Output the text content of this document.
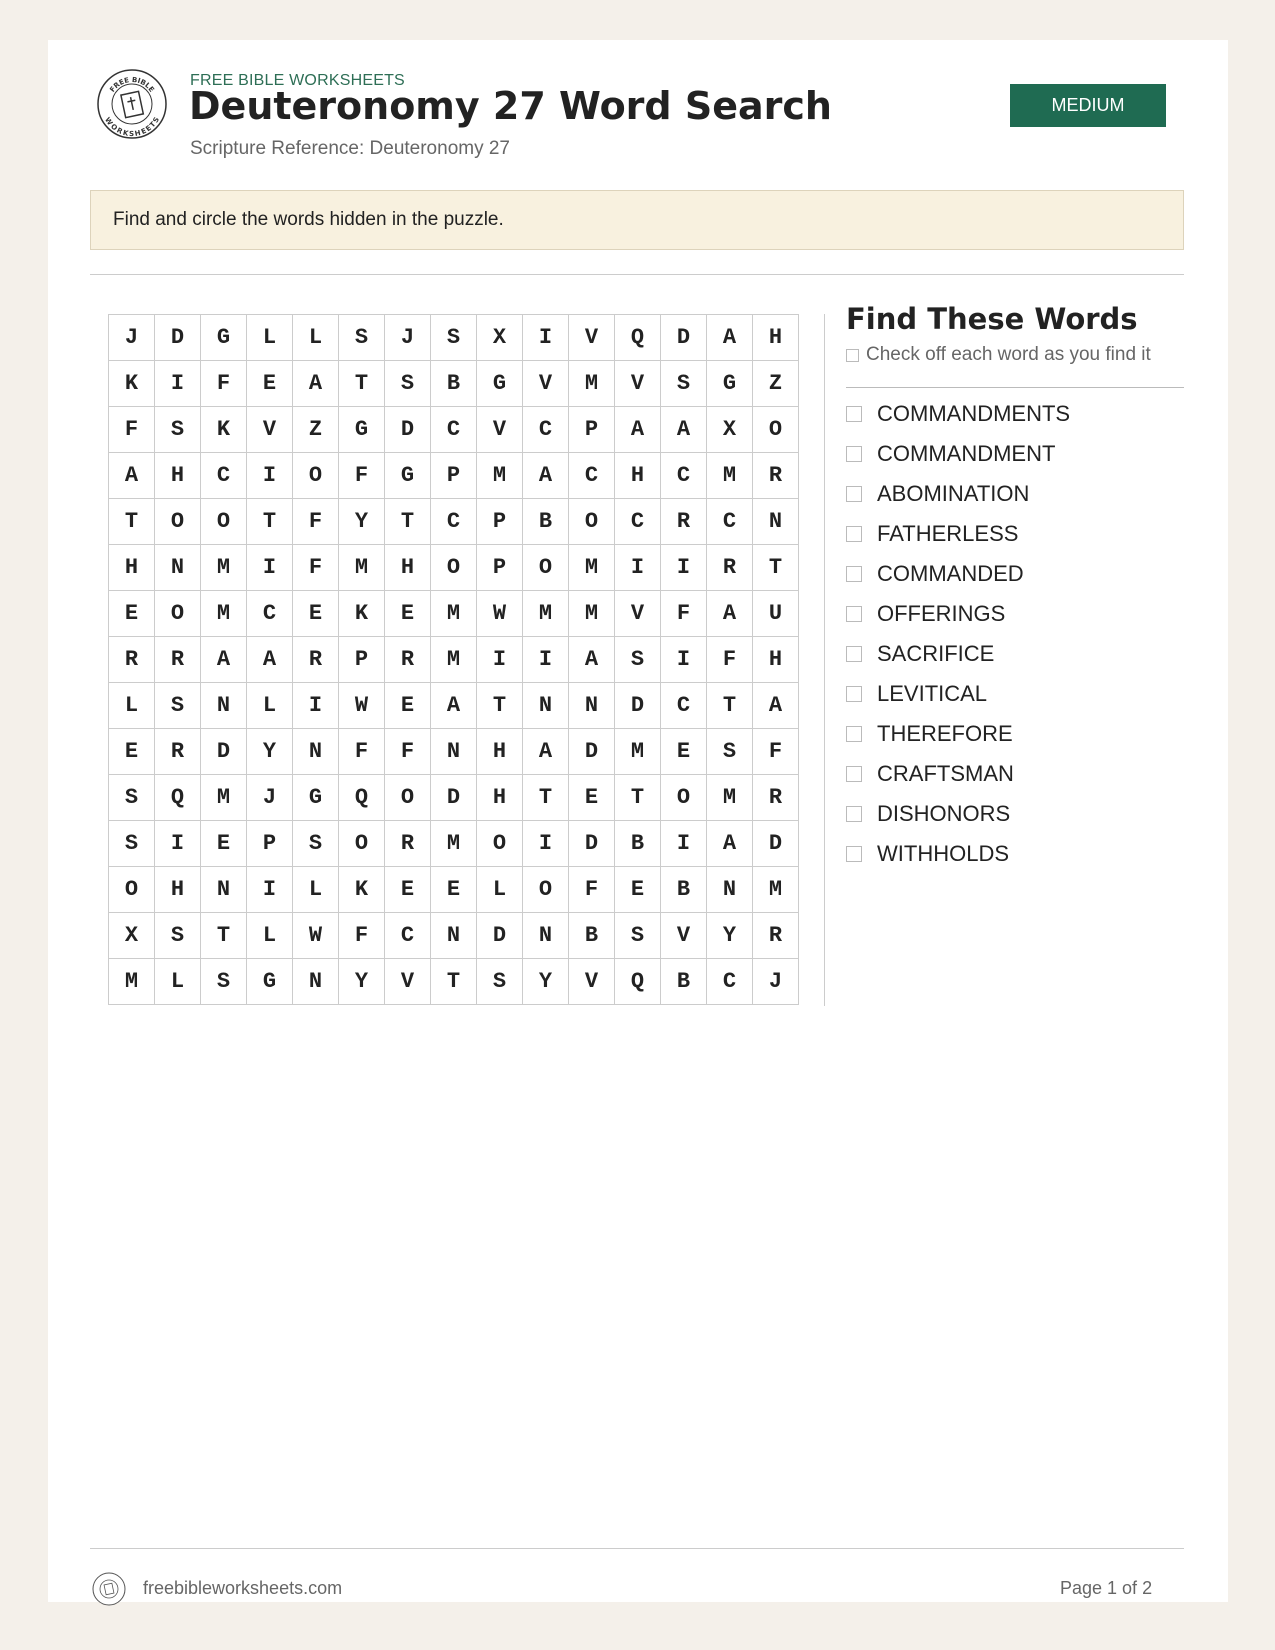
FREE BIBLE
WORKSHEETS
FREE BIBLE WORKSHEETS
Deuteronomy 27 Word Search
Scripture Reference: Deuteronomy 27
MEDIUM
Find and circle the words hidden in the puzzle.
J	D	G	L	L	S	J	S	X	I	V	Q	D	A	H
K	I	F	E	A	T	S	B	G	V	M	V	S	G	Z
F	S	K	V	Z	G	D	C	V	C	P	A	A	X	O
A	H	C	I	O	F	G	P	M	A	C	H	C	M	R
T	O	O	T	F	Y	T	C	P	B	O	C	R	C	N
H	N	M	I	F	M	H	O	P	O	M	I	I	R	T
E	O	M	C	E	K	E	M	W	M	M	V	F	A	U
R	R	A	A	R	P	R	M	I	I	A	S	I	F	H
L	S	N	L	I	W	E	A	T	N	N	D	C	T	A
E	R	D	Y	N	F	F	N	H	A	D	M	E	S	F
S	Q	M	J	G	Q	O	D	H	T	E	T	O	M	R
S	I	E	P	S	O	R	M	O	I	D	B	I	A	D
O	H	N	I	L	K	E	E	L	O	F	E	B	N	M
X	S	T	L	W	F	C	N	D	N	B	S	V	Y	R
M	L	S	G	N	Y	V	T	S	Y	V	Q	B	C	J
Find These Words
Check off each word as you find it
COMMANDMENTS
COMMANDMENT
ABOMINATION
FATHERLESS
COMMANDED
OFFERINGS
SACRIFICE
LEVITICAL
THEREFORE
CRAFTSMAN
DISHONORS
WITHHOLDS
freebibleworksheets.com	Page 1 of 2
